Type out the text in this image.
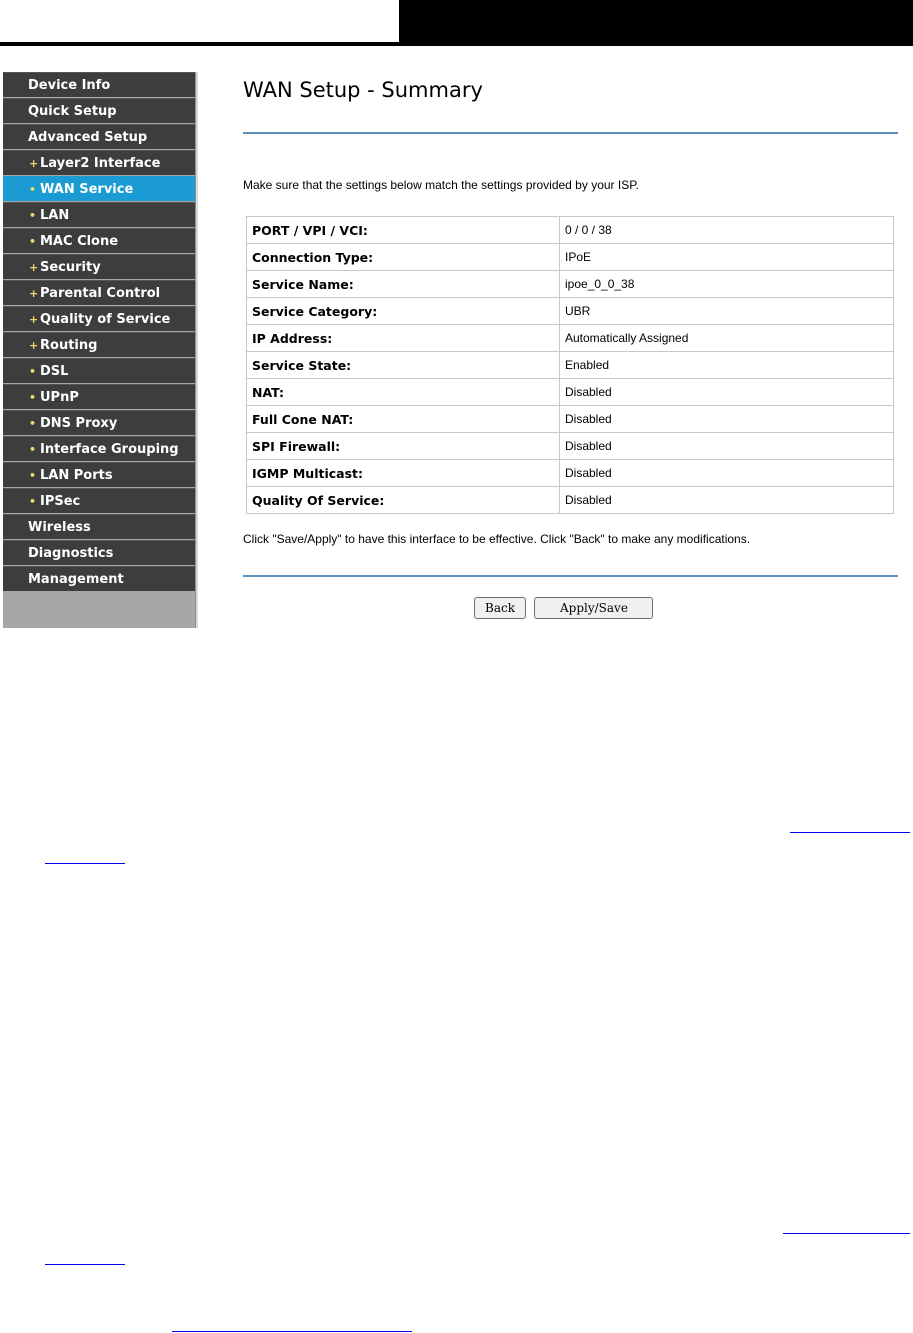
Device Info
Quick Setup
Advanced Setup
+ Layer2 Interface
• WAN Service
• LAN
• MAC Clone
+ Security
+ Parental Control
+ Quality of Service
+ Routing
• DSL
• UPnP
• DNS Proxy
• Interface Grouping
• LAN Ports
• IPSec
Wireless
Diagnostics
Management
WAN Setup - Summary
Make sure that the settings below match the settings provided by your ISP.
PORT / VPI / VCI:	0 / 0 / 38
Connection Type:	IPoE
Service Name:	ipoe_0_0_38
Service Category:	UBR
IP Address:	Automatically Assigned
Service State:	Enabled
NAT:	Disabled
Full Cone NAT:	Disabled
SPI Firewall:	Disabled
IGMP Multicast:	Disabled
Quality Of Service:	Disabled
Click "Save/Apply" to have this interface to be effective. Click "Back" to make any modifications.
Back	Apply/Save
